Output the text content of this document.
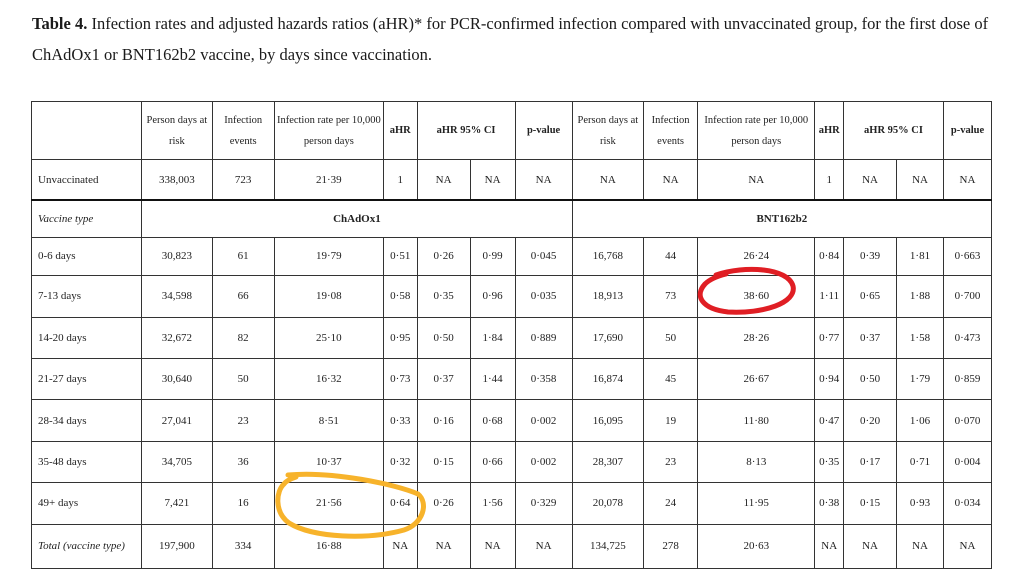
Table 4. Infection rates and adjusted hazards ratios (aHR)* for PCR-confirmed infection compared with unvaccinated group, for the first dose of ChAdOx1 or BNT162b2 vaccine, by days since vaccination.
	Person days at risk	Infection events	Infection rate per 10,000 person days	aHR	aHR 95% CI		p-value	Person days at risk	Infection events	Infection rate per 10,000 person days	aHR	aHR 95% CI		p-value
Unvaccinated	338,003	723	21·39	1	NA	NA	NA	NA	NA	NA	1	NA	NA	NA
Vaccine type	ChAdOx1							BNT162b2						
0-6 days	30,823	61	19·79	0·51	0·26	0·99	0·045	16,768	44	26·24	0·84	0·39	1·81	0·663
7-13 days	34,598	66	19·08	0·58	0·35	0·96	0·035	18,913	73	38·60	1·11	0·65	1·88	0·700
14-20 days	32,672	82	25·10	0·95	0·50	1·84	0·889	17,690	50	28·26	0·77	0·37	1·58	0·473
21-27 days	30,640	50	16·32	0·73	0·37	1·44	0·358	16,874	45	26·67	0·94	0·50	1·79	0·859
28-34 days	27,041	23	8·51	0·33	0·16	0·68	0·002	16,095	19	11·80	0·47	0·20	1·06	0·070
35-48 days	34,705	36	10·37	0·32	0·15	0·66	0·002	28,307	23	8·13	0·35	0·17	0·71	0·004
49+ days	7,421	16	21·56	0·64	0·26	1·56	0·329	20,078	24	11·95	0·38	0·15	0·93	0·034
Total (vaccine type)	197,900	334	16·88	NA	NA	NA	NA	134,725	278	20·63	NA	NA	NA	NA
